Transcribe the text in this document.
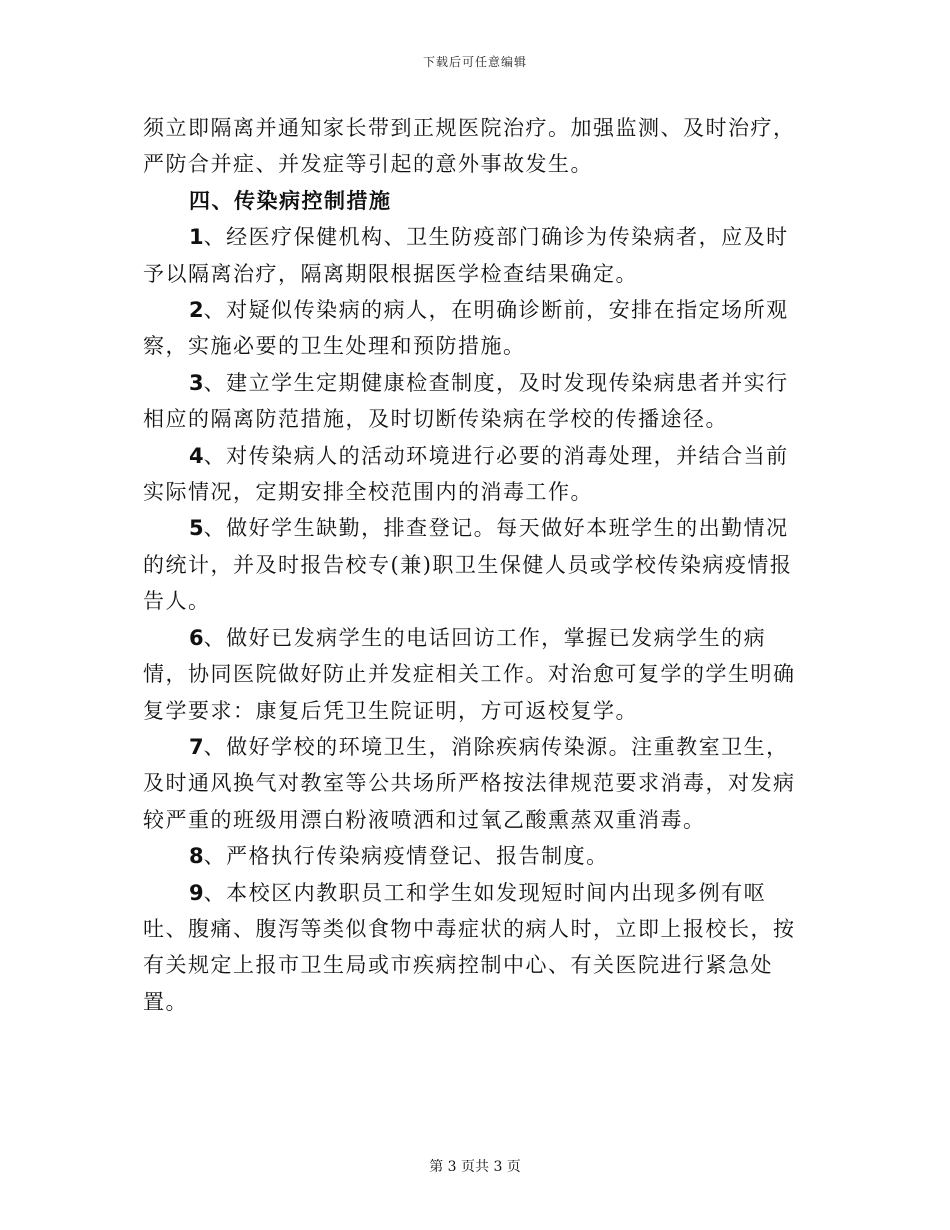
下载后可任意编辑

须立即隔离并通知家长带到正规医院治疗。加强监测、及时治疗，严防合并症、并发症等引起的意外事故发生。

四、传染病控制措施

1、经医疗保健机构、卫生防疫部门确诊为传染病者，应及时予以隔离治疗，隔离期限根据医学检查结果确定。

2、对疑似传染病的病人，在明确诊断前，安排在指定场所观察，实施必要的卫生处理和预防措施。

3、建立学生定期健康检查制度，及时发现传染病患者并实行相应的隔离防范措施，及时切断传染病在学校的传播途径。

4、对传染病人的活动环境进行必要的消毒处理，并结合当前实际情况，定期安排全校范围内的消毒工作。

5、做好学生缺勤，排查登记。每天做好本班学生的出勤情况的统计，并及时报告校专(兼)职卫生保健人员或学校传染病疫情报告人。

6、做好已发病学生的电话回访工作，掌握已发病学生的病情，协同医院做好防止并发症相关工作。对治愈可复学的学生明确复学要求：康复后凭卫生院证明，方可返校复学。

7、做好学校的环境卫生，消除疾病传染源。注重教室卫生，及时通风换气对教室等公共场所严格按法律规范要求消毒，对发病较严重的班级用漂白粉液喷洒和过氧乙酸熏蒸双重消毒。

8、严格执行传染病疫情登记、报告制度。

9、本校区内教职员工和学生如发现短时间内出现多例有呕吐、腹痛、腹泻等类似食物中毒症状的病人时，立即上报校长，按有关规定上报市卫生局或市疾病控制中心、有关医院进行紧急处置。

第 3 页共 3 页
